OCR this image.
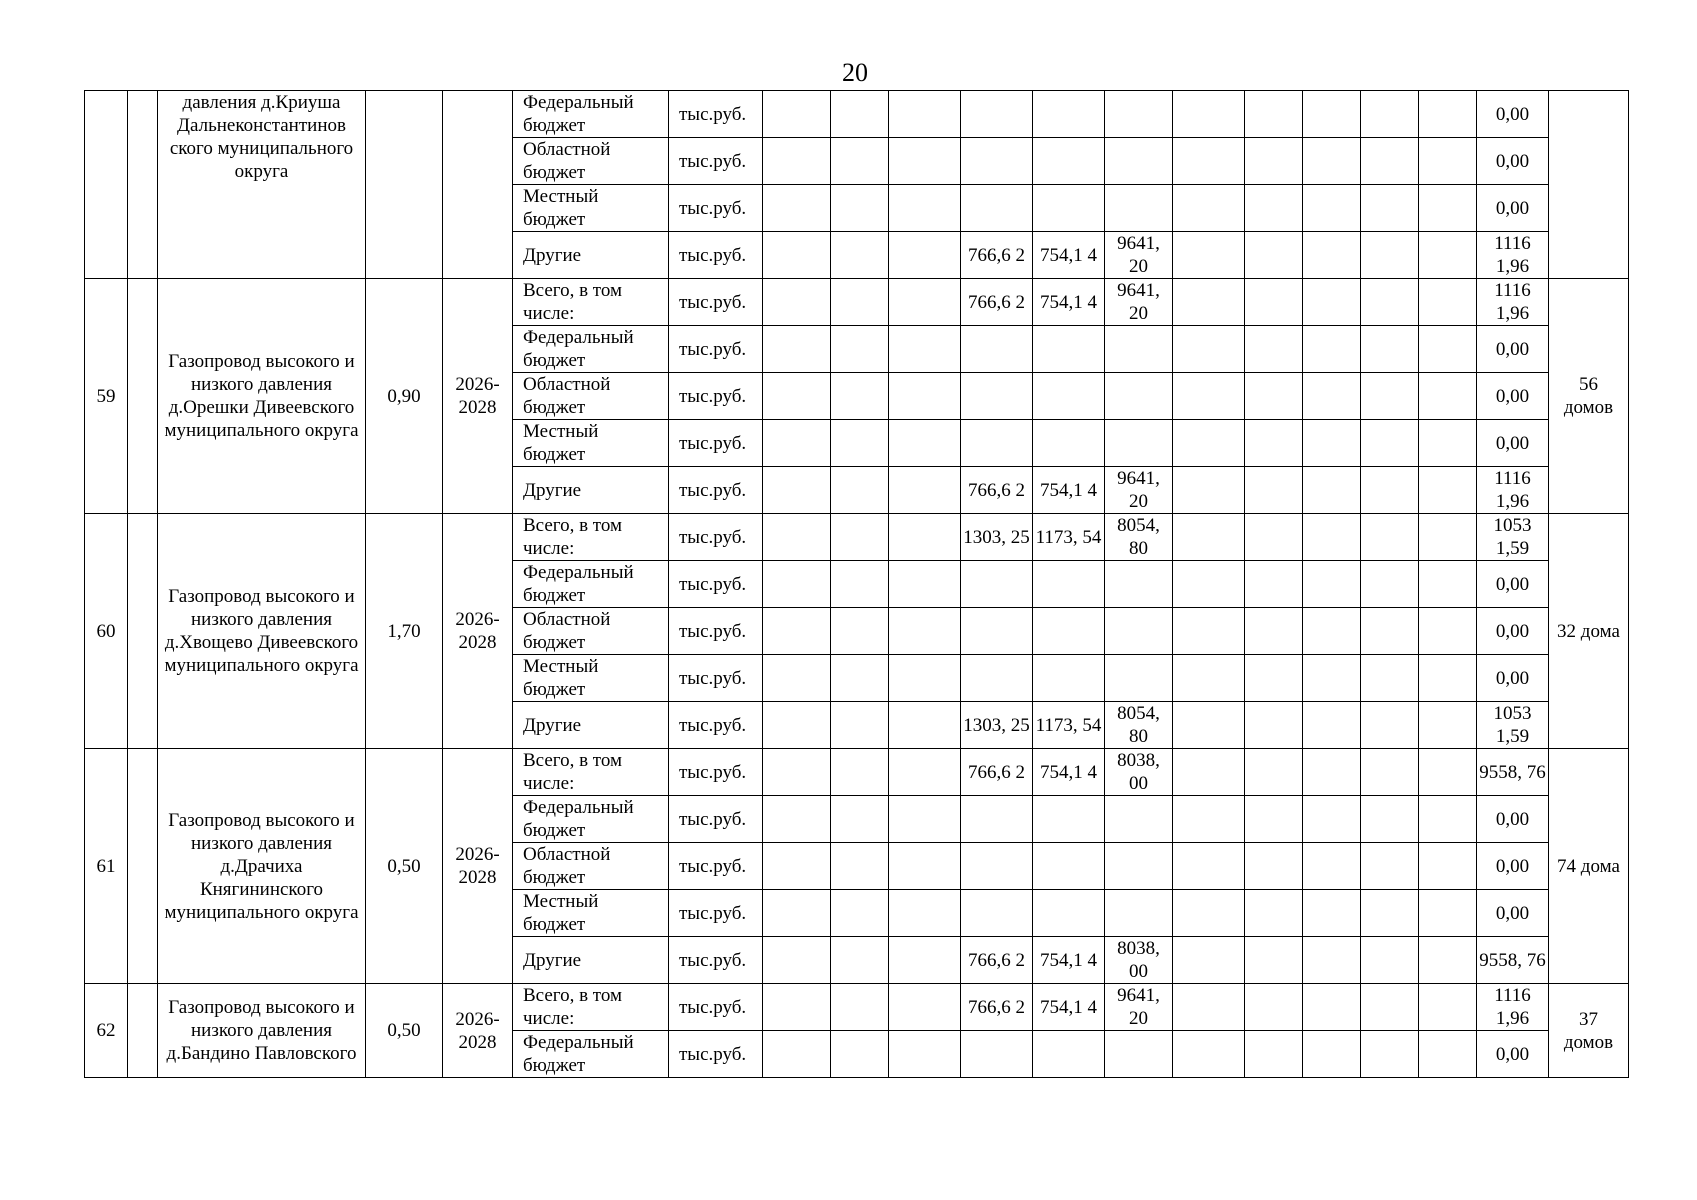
20
		давления д.Криуша Дальнеконстантинов ского муниципального округа			Федеральный бюджет	тыс.руб.												0,00	
					Областной бюджет	тыс.руб.												0,00	
					Местный бюджет	тыс.руб.												0,00	
					Другие	тыс.руб.				766,6 2	754,1 4	9641, 20						1116 1,96	
59		Газопровод высокого и низкого давления д.Орешки Дивеевского муниципального округа	0,90	2026- 2028	Всего, в том числе:	тыс.руб.				766,6 2	754,1 4	9641, 20						1116 1,96	56 домов
					Федеральный бюджет	тыс.руб.												0,00	
					Областной бюджет	тыс.руб.												0,00	
					Местный бюджет	тыс.руб.												0,00	
					Другие	тыс.руб.				766,6 2	754,1 4	9641, 20						1116 1,96	
60		Газопровод высокого и низкого давления д.Хвощево Дивеевского муниципального округа	1,70	2026- 2028	Всего, в том числе:	тыс.руб.				1303, 25	1173, 54	8054, 80						1053 1,59	32 дома
					Федеральный бюджет	тыс.руб.												0,00	
					Областной бюджет	тыс.руб.												0,00	
					Местный бюджет	тыс.руб.												0,00	
					Другие	тыс.руб.				1303, 25	1173, 54	8054, 80						1053 1,59	
61		Газопровод высокого и низкого давления д.Драчиха Княгининского муниципального округа	0,50	2026- 2028	Всего, в том числе:	тыс.руб.				766,6 2	754,1 4	8038, 00						9558, 76	74 дома
					Федеральный бюджет	тыс.руб.												0,00	
					Областной бюджет	тыс.руб.												0,00	
					Местный бюджет	тыс.руб.												0,00	
					Другие	тыс.руб.				766,6 2	754,1 4	8038, 00						9558, 76	
62		Газопровод высокого и низкого давления д.Бандино Павловского	0,50	2026- 2028	Всего, в том числе:	тыс.руб.				766,6 2	754,1 4	9641, 20						1116 1,96	37 домов
					Федеральный бюджет	тыс.руб.												0,00	
